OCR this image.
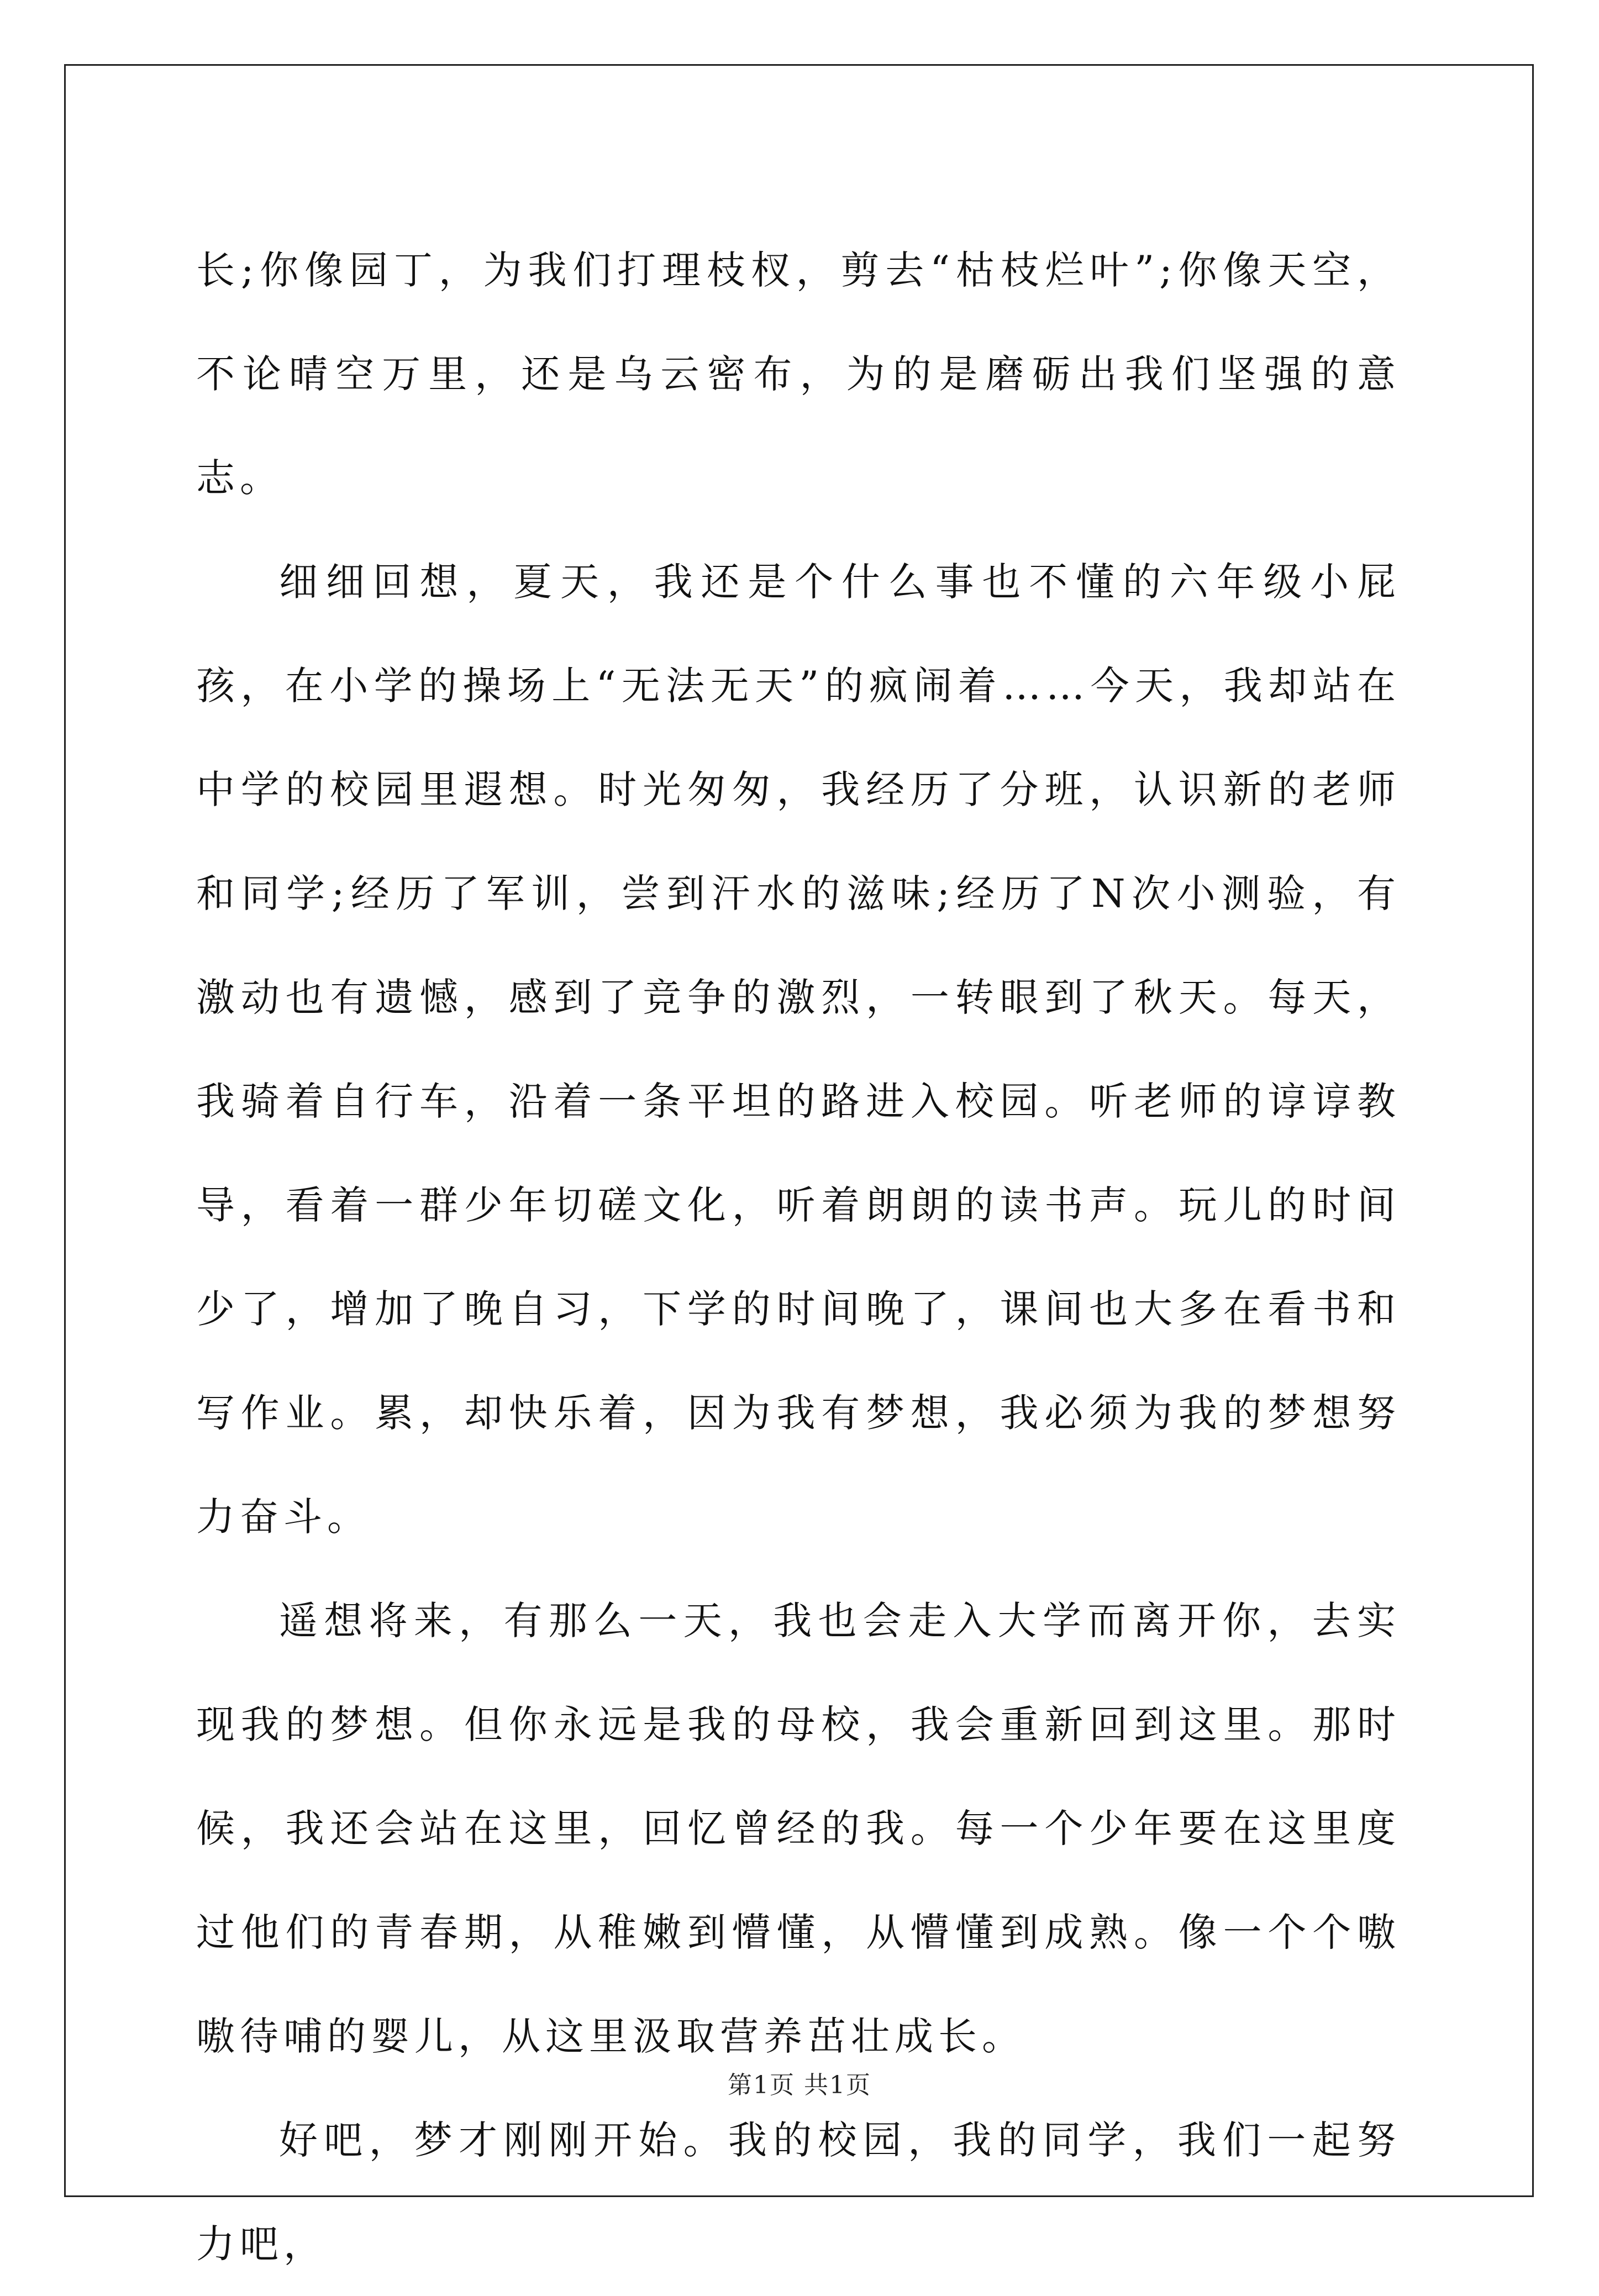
长;你像园丁，为我们打理枝杈，剪去“枯枝烂叶”;你像天空，不论晴空万里，还是乌云密布，为的是磨砺出我们坚强的意志。

细细回想，夏天，我还是个什么事也不懂的六年级小屁孩，在小学的操场上“无法无天”的疯闹着……今天，我却站在中学的校园里遐想。时光匆匆，我经历了分班，认识新的老师和同学;经历了军训，尝到汗水的滋味;经历了N次小测验，有激动也有遗憾，感到了竞争的激烈，一转眼到了秋天。每天，我骑着自行车，沿着一条平坦的路进入校园。听老师的谆谆教导，看着一群少年切磋文化，听着朗朗的读书声。玩儿的时间少了，增加了晚自习，下学的时间晚了，课间也大多在看书和写作业。累，却快乐着，因为我有梦想，我必须为我的梦想努力奋斗。

遥想将来，有那么一天，我也会走入大学而离开你，去实现我的梦想。但你永远是我的母校，我会重新回到这里。那时候，我还会站在这里，回忆曾经的我。每一个少年要在这里度过他们的青春期，从稚嫩到懵懂，从懵懂到成熟。像一个个嗷嗷待哺的婴儿，从这里汲取营养茁壮成长。

好吧，梦才刚刚开始。我的校园，我的同学，我们一起努力吧，

第1页 共1页
